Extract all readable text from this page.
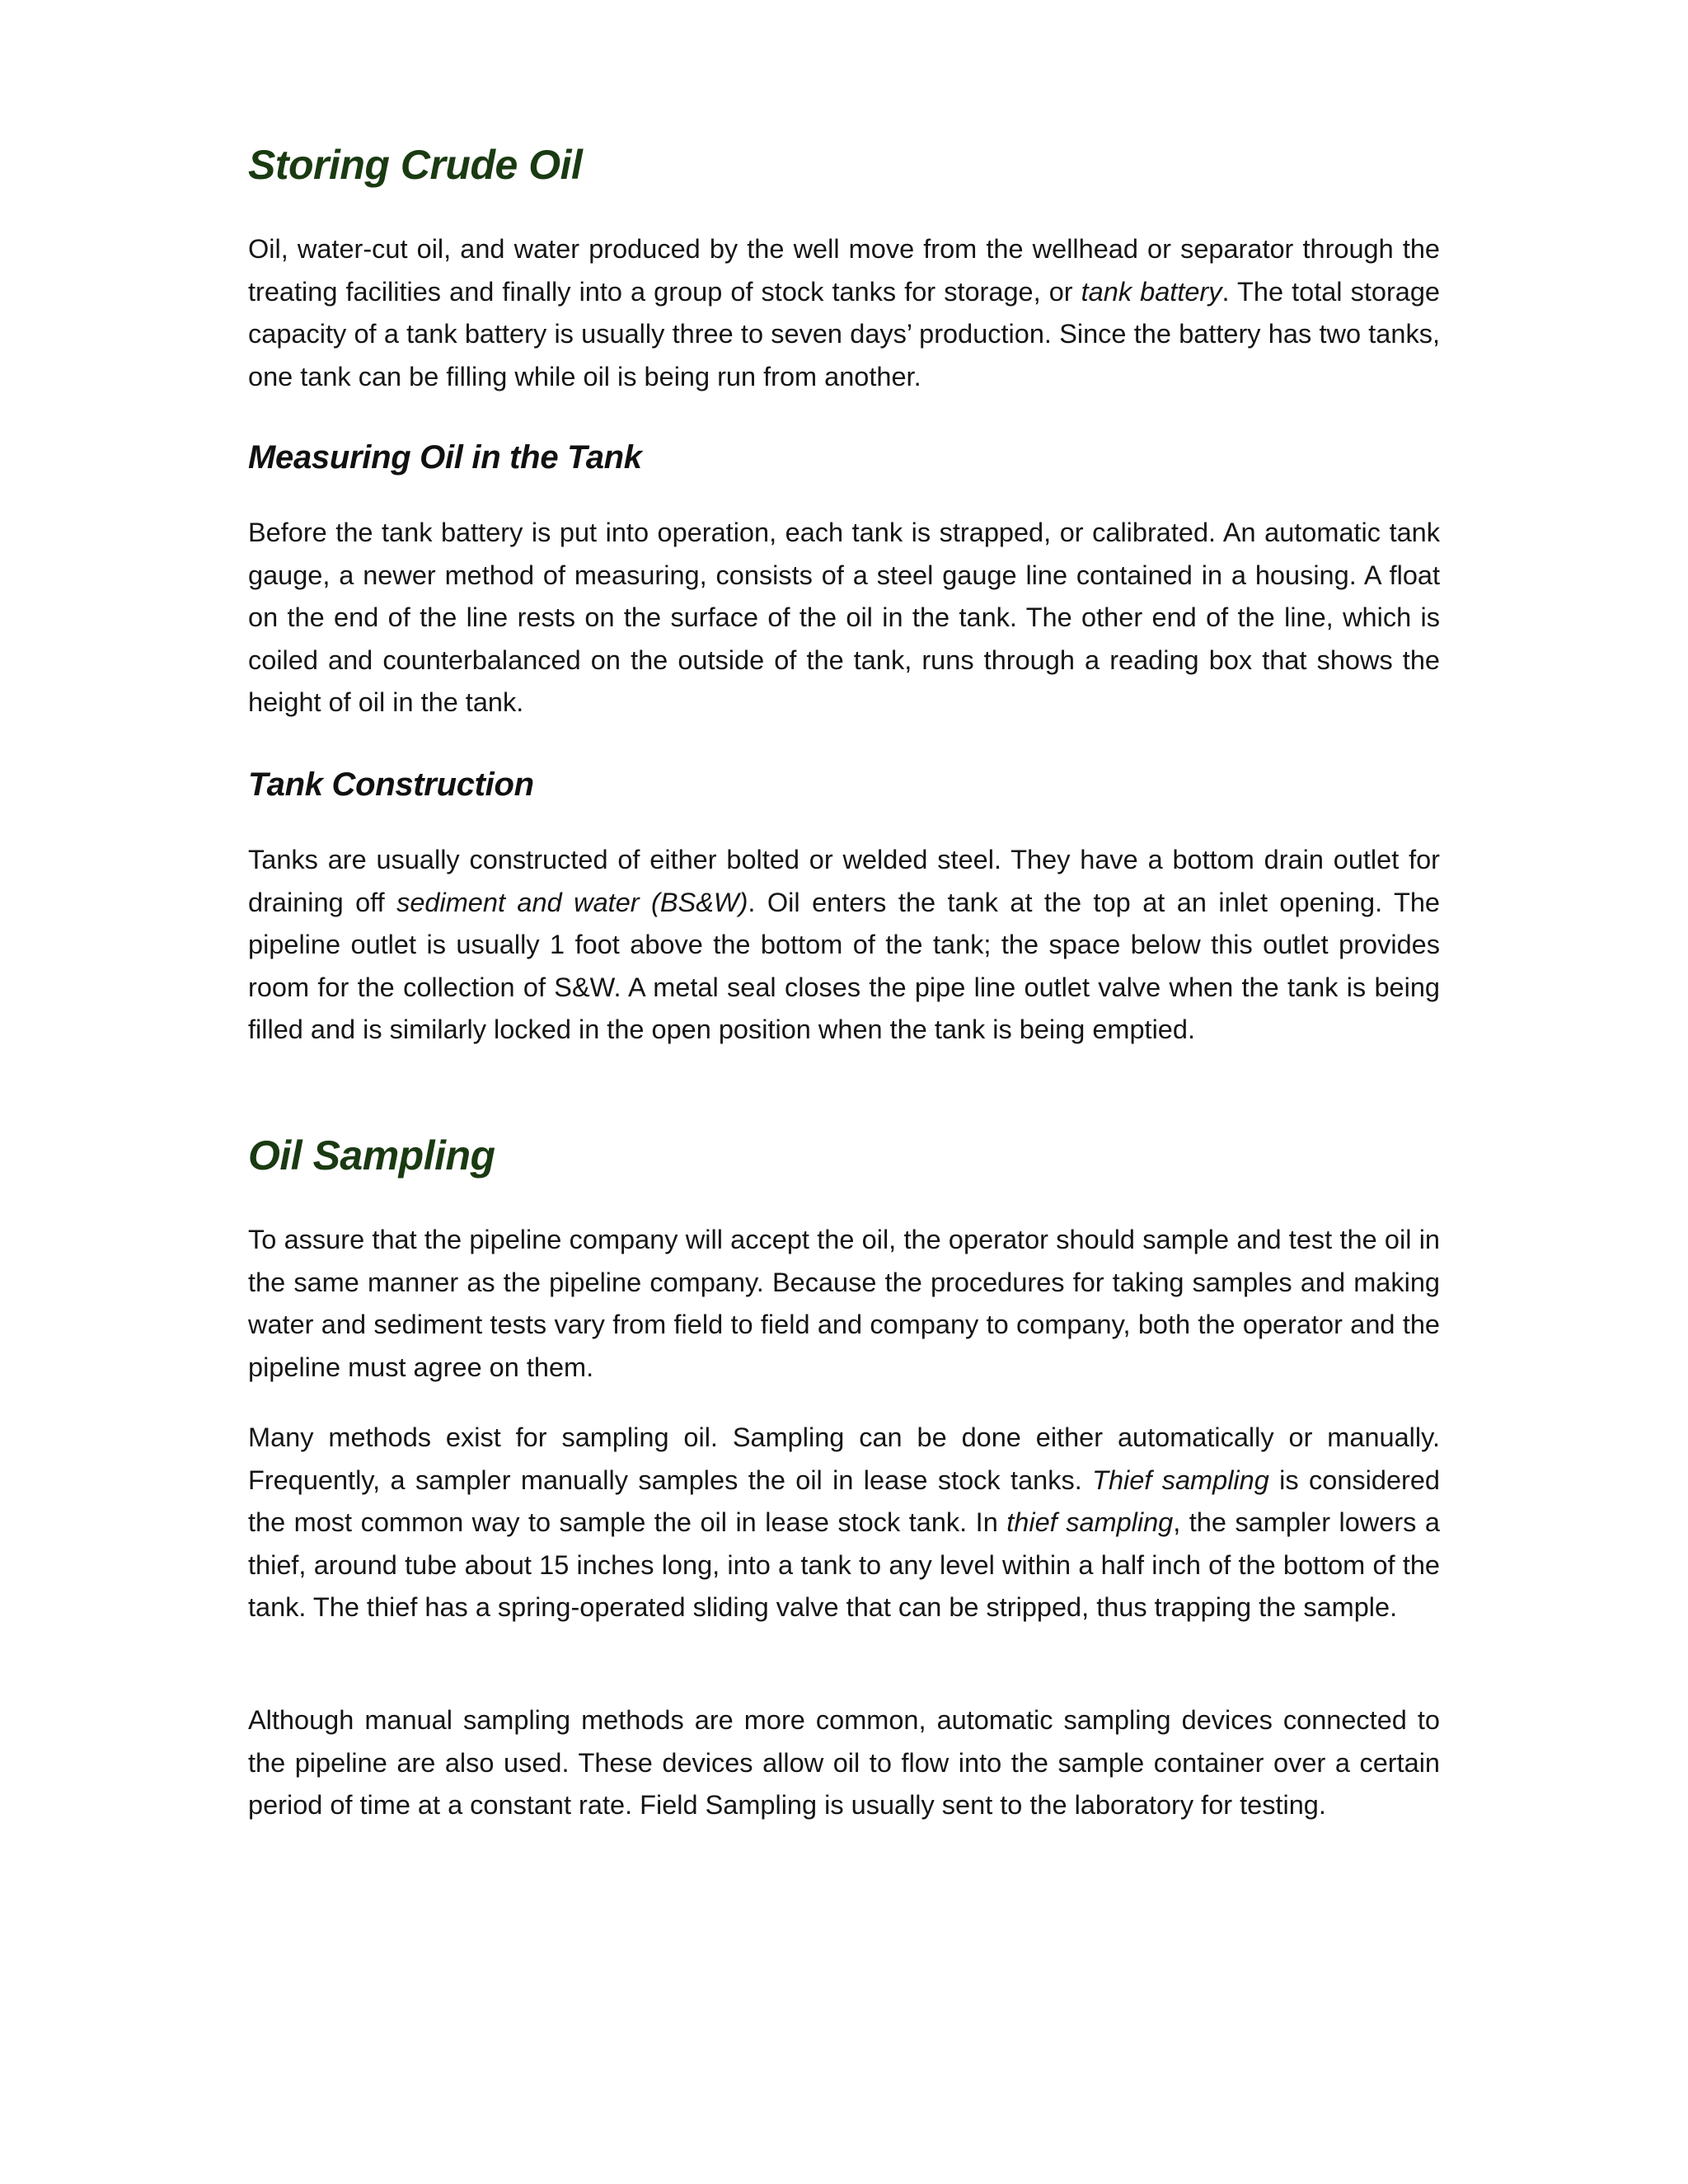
Storing Crude Oil

Oil, water-cut oil, and water produced by the well move from the wellhead or separator through the treating facilities and finally into a group of stock tanks for storage, or tank battery. The total storage capacity of a tank battery is usually three to seven days’ production. Since the battery has two tanks, one tank can be filling while oil is being run from another.

Measuring Oil in the Tank

Before the tank battery is put into operation, each tank is strapped, or calibrated. An automatic tank gauge, a newer method of measuring, consists of a steel gauge line contained in a housing. A float on the end of the line rests on the surface of the oil in the tank. The other end of the line, which is coiled and counterbalanced on the outside of the tank, runs through a reading box that shows the height of oil in the tank.

Tank Construction

Tanks are usually constructed of either bolted or welded steel. They have a bottom drain outlet for draining off sediment and water (BS&W). Oil enters the tank at the top at an inlet opening. The pipeline outlet is usually 1 foot above the bottom of the tank; the space below this outlet provides room for the collection of S&W. A metal seal closes the pipe line outlet valve when the tank is being filled and is similarly locked in the open position when the tank is being emptied.

Oil Sampling

To assure that the pipeline company will accept the oil, the operator should sample and test the oil in the same manner as the pipeline company. Because the procedures for taking samples and making water and sediment tests vary from field to field and company to company, both the operator and the pipeline must agree on them.

Many methods exist for sampling oil. Sampling can be done either automatically or manually. Frequently, a sampler manually samples the oil in lease stock tanks. Thief sampling is considered the most common way to sample the oil in lease stock tank. In thief sampling, the sampler lowers a thief, around tube about 15 inches long, into a tank to any level within a half inch of the bottom of the tank. The thief has a spring-operated sliding valve that can be stripped, thus trapping the sample.

Although manual sampling methods are more common, automatic sampling devices connected to the pipeline are also used. These devices allow oil to flow into the sample container over a certain period of time at a constant rate. Field Sampling is usually sent to the laboratory for testing.
